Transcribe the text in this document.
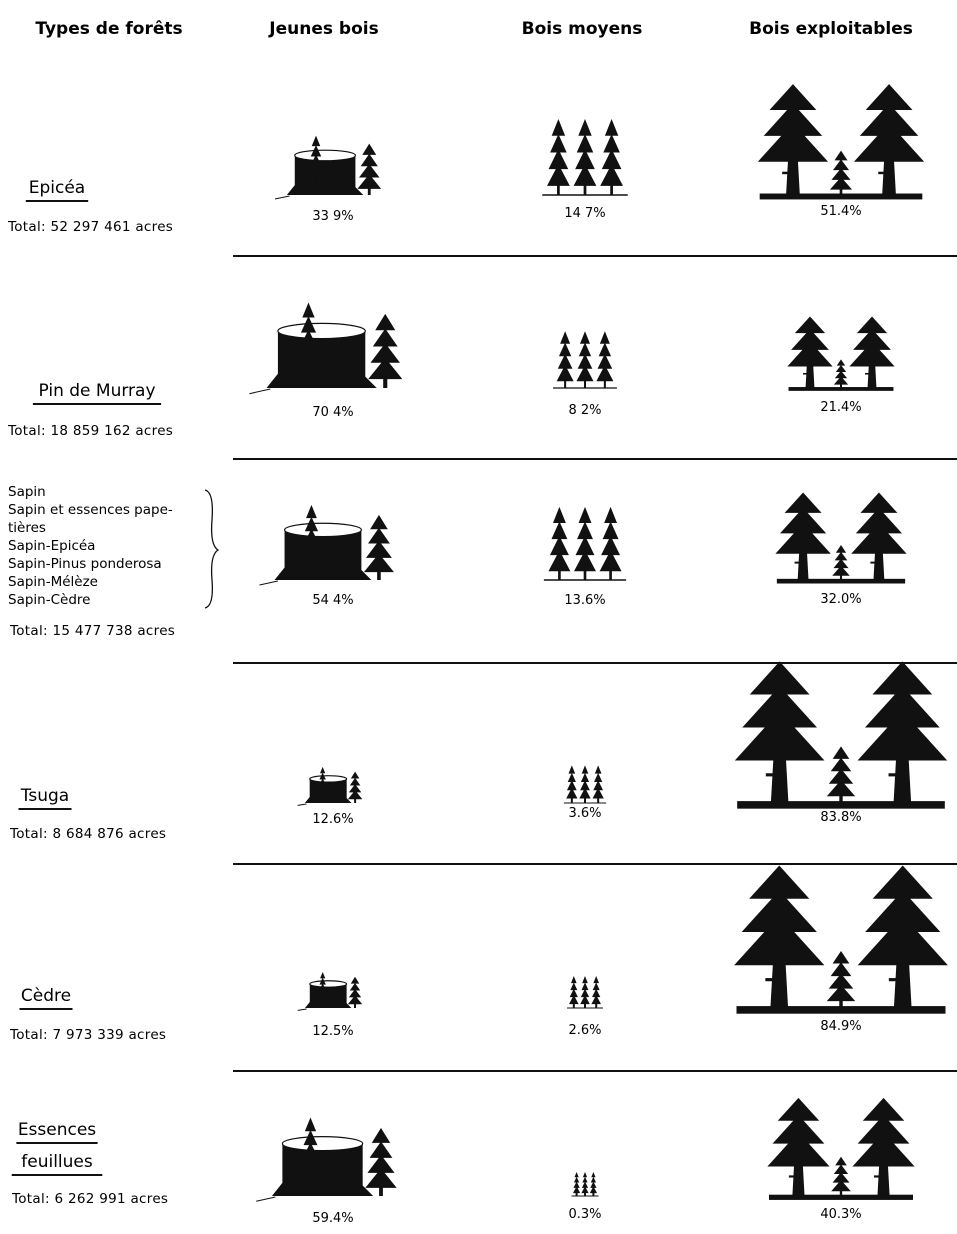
Types de forêts	Jeunes bois	Bois moyens	Bois exploitables
Epicéa
Total: 52 297 461 acres
33 9%	14 7%	51.4%
Pin de Murray
Total: 18 859 162 acres
70 4%	8 2%	21.4%
Sapin
Sapin et essences pape-
tières
Sapin-Epicéa
Sapin-Pinus ponderosa
Sapin-Mélèze
Sapin-Cèdre
Total: 15 477 738 acres
54 4%	13.6%	32.0%
Tsuga
Total: 8 684 876 acres
12.6%	3.6%	83.8%
Cèdre
Total: 7 973 339 acres	12.5%	2.6%	84.9%
Essences
feuillues
Total: 6 262 991 acres
59.4%	0.3%	40.3%
